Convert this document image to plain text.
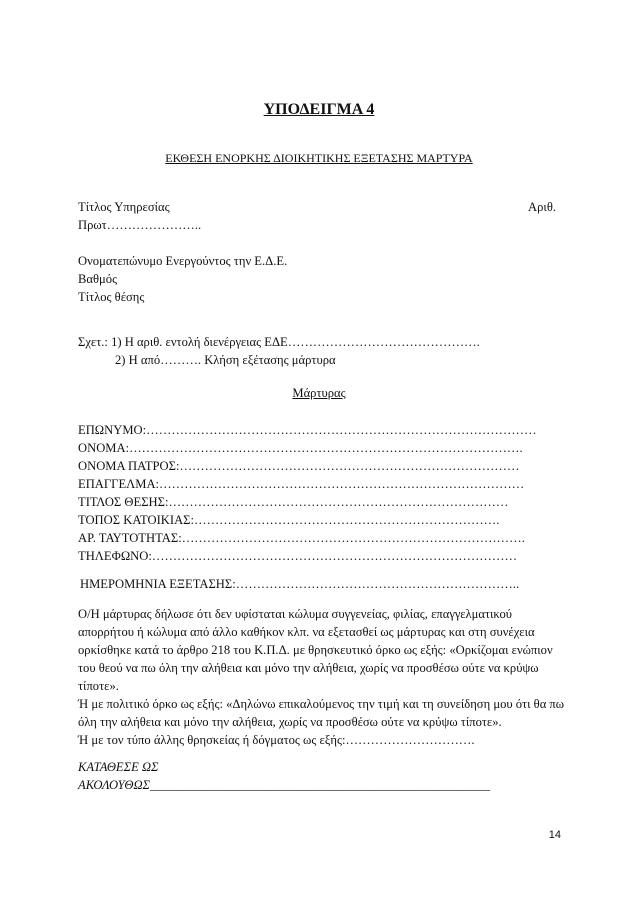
ΥΠΟΔΕΙΓΜΑ 4
ΕΚΘΕΣΗ ΕΝΟΡΚΗΣ ΔΙΟΙΚΗΤΙΚΗΣ ΕΞΕΤΑΣΗΣ ΜΑΡΤΥΡΑ
Τίτλος Υπηρεσίας	Αριθ.
Πρωτ…………………..
Ονοματεπώνυμο Ενεργούντος την Ε.Δ.Ε.
Βαθμός
Τίτλος θέσης
Σχετ.: 1) Η αριθ. εντολή διενέργειας ΕΔΕ……………………………………….
2) Η από………. Κλήση εξέτασης μάρτυρα
Μάρτυρας
ΕΠΩΝΥΜΟ:…………………………………………………………………………………
ΟΝΟΜΑ:………………………………………………………………………………….
ΟΝΟΜΑ ΠΑΤΡΟΣ:………………………………………………………………………
ΕΠΑΓΓΕΛΜΑ:……………………………………………………………………………
ΤΙΤΛΟΣ ΘΕΣΗΣ:………………………………………………………………………
ΤΟΠΟΣ ΚΑΤΟΙΚΙΑΣ:……………………………………………………………….
ΑΡ. ΤΑΥΤΟΤΗΤΑΣ:……………………………………………………………………….
ΤΗΛΕΦΩΝΟ:……………………………………………………………………………
ΗΜΕΡΟΜΗΝΙΑ ΕΞΕΤΑΣΗΣ:…………………………………………………………..
Ο/Η μάρτυρας δήλωσε ότι δεν υφίσταται κώλυμα συγγενείας, φιλίας, επαγγελματικού απορρήτου ή κώλυμα από άλλο καθήκον κλπ. να εξετασθεί ως μάρτυρας και στη συνέχεια ορκίσθηκε κατά το άρθρο 218 του Κ.Π.Δ. με θρησκευτικό όρκο ως εξής: «Ορκίζομαι ενώπιον του θεού να πω όλη την αλήθεια και μόνο την αλήθεια, χωρίς να προσθέσω ούτε να κρύψω τίποτε».
Ή με πολιτικό όρκο ως εξής: «Δηλώνω επικαλούμενος την τιμή και τη συνείδηση μου ότι θα πω όλη την αλήθεια και μόνο την αλήθεια, χωρίς να προσθέσω ούτε να κρύψω τίποτε».
Ή με τον τύπο άλλης θρησκείας ή δόγματος ως εξής:………………………….
ΚΑΤΑΘΕΣΕ ΩΣ
ΑΚΟΛΟΥΘΩΣ ______________________________________________________
14
